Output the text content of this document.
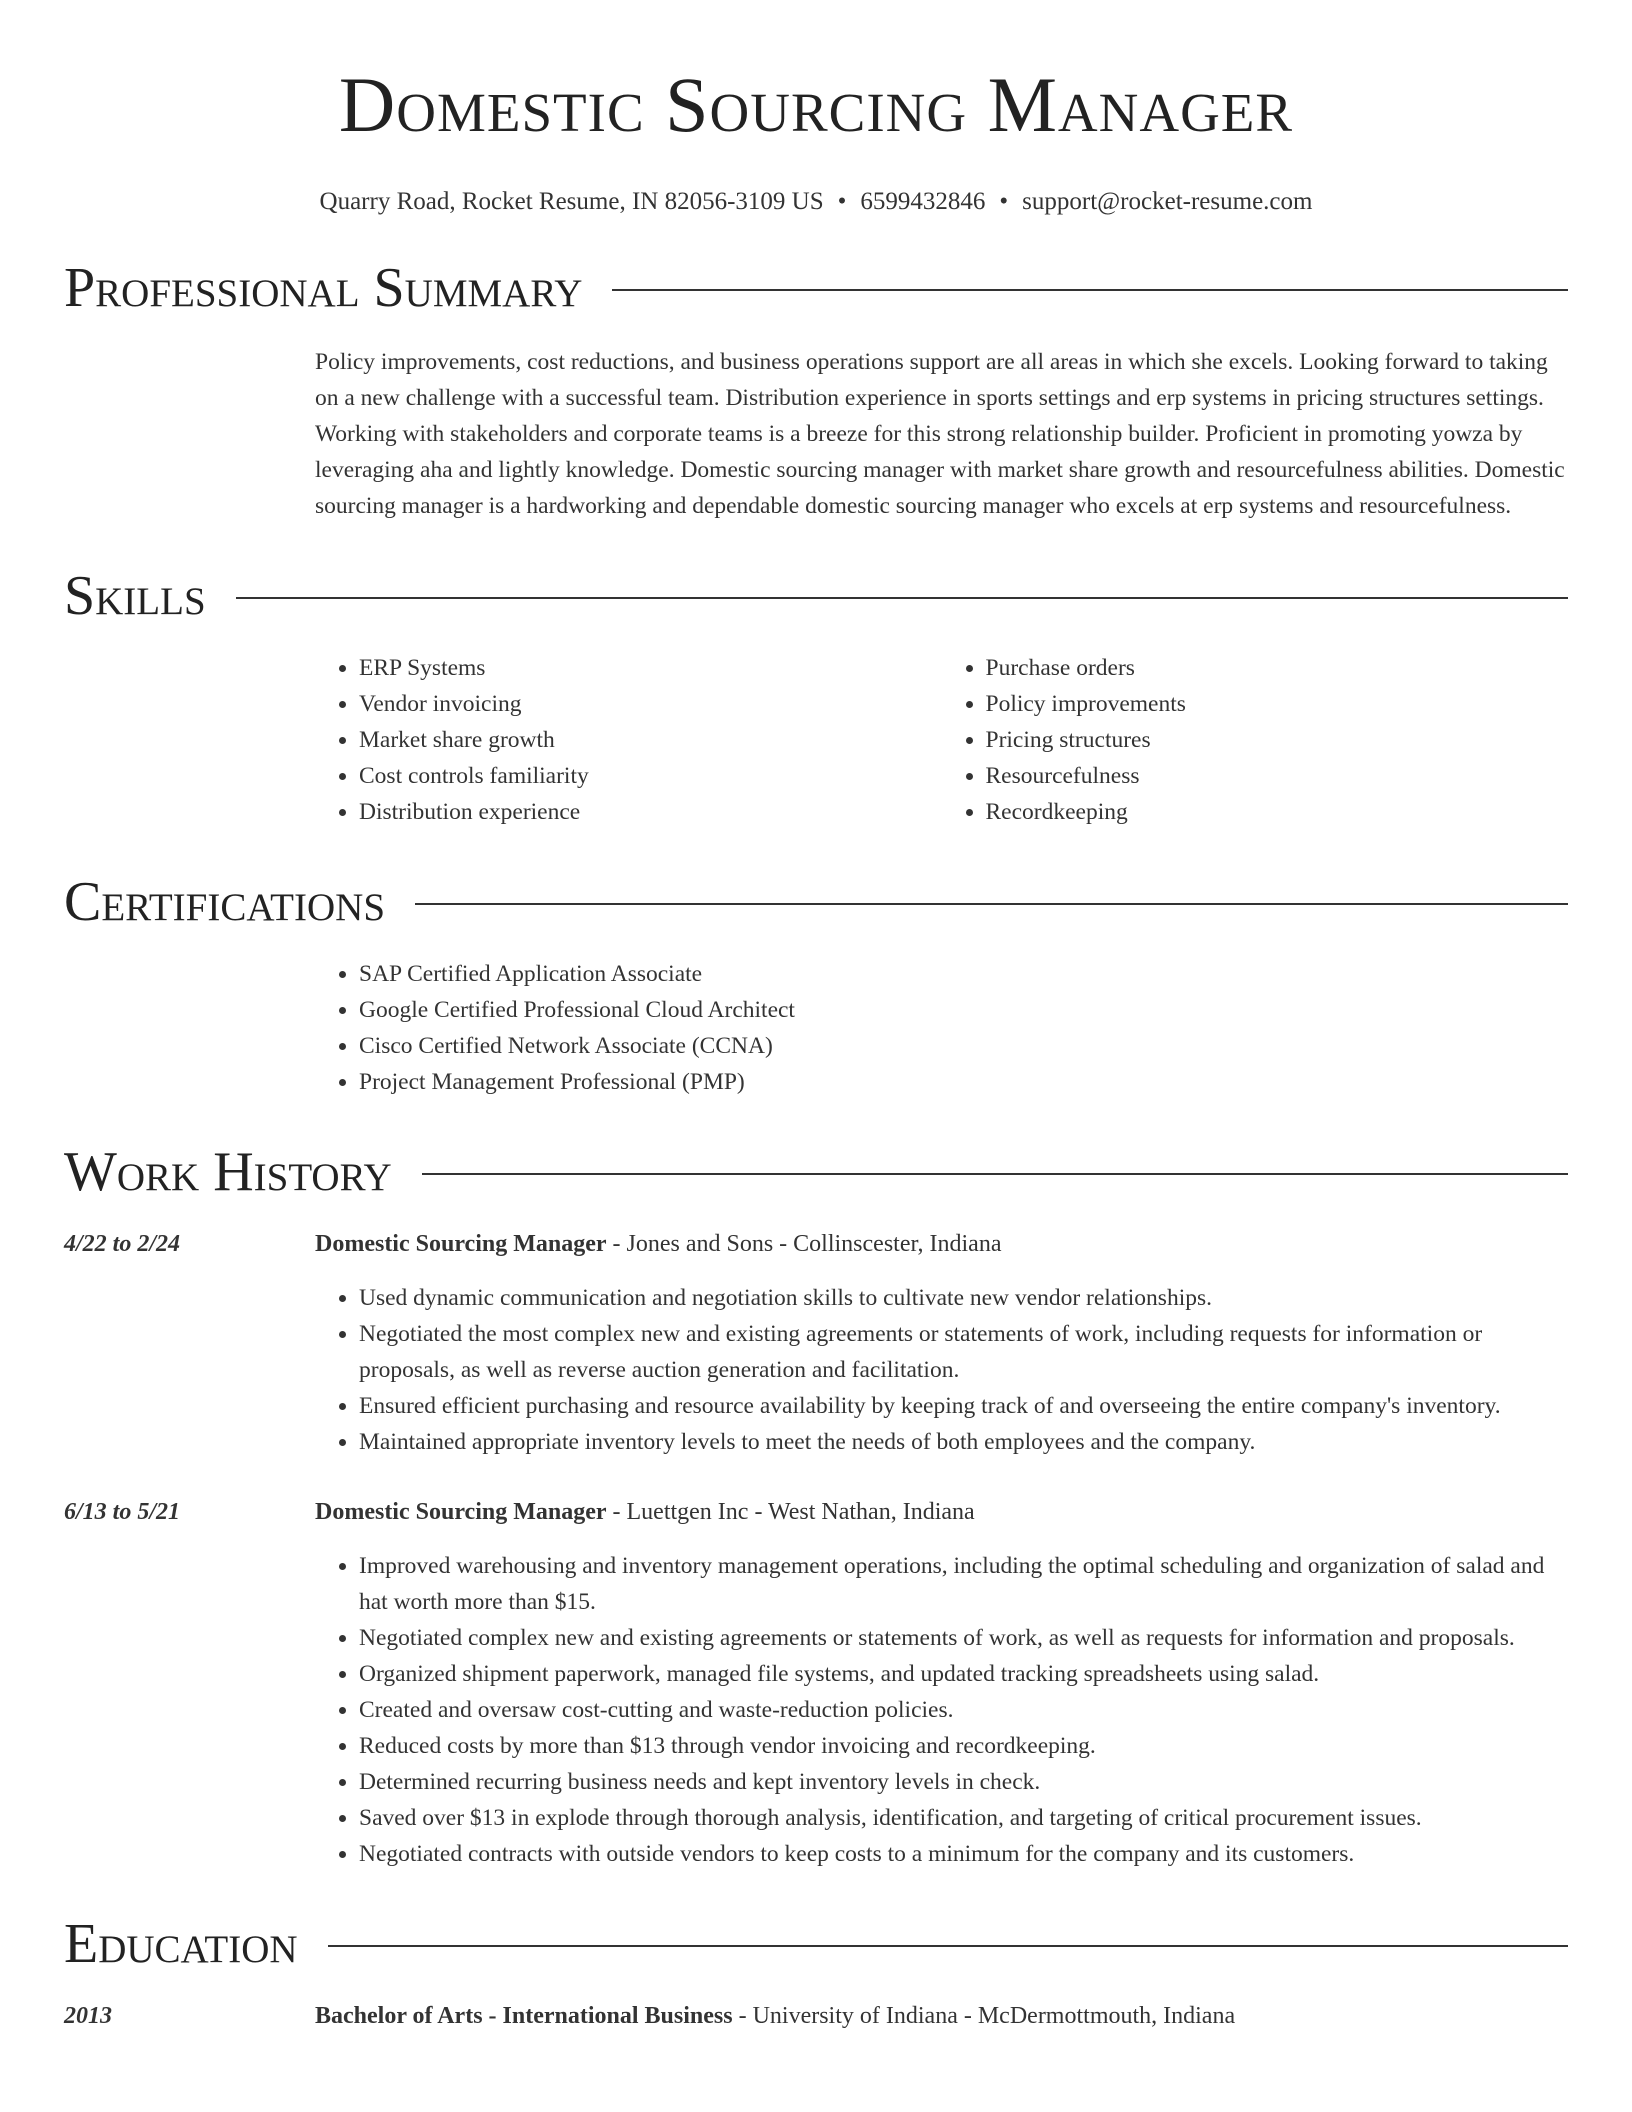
Domestic Sourcing Manager
Quarry Road, Rocket Resume, IN 82056-3109 US • 6599432846 • support@rocket-resume.com
Professional Summary
Policy improvements, cost reductions, and business operations support are all areas in which she excels. Looking forward to taking on a new challenge with a successful team. Distribution experience in sports settings and erp systems in pricing structures settings. Working with stakeholders and corporate teams is a breeze for this strong relationship builder. Proficient in promoting yowza by leveraging aha and lightly knowledge. Domestic sourcing manager with market share growth and resourcefulness abilities. Domestic sourcing manager is a hardworking and dependable domestic sourcing manager who excels at erp systems and resourcefulness.
Skills
• ERP Systems
• Vendor invoicing
• Market share growth
• Cost controls familiarity
• Distribution experience
• Purchase orders
• Policy improvements
• Pricing structures
• Resourcefulness
• Recordkeeping
Certifications
• SAP Certified Application Associate
• Google Certified Professional Cloud Architect
• Cisco Certified Network Associate (CCNA)
• Project Management Professional (PMP)
Work History
4/22 to 2/24	Domestic Sourcing Manager - Jones and Sons - Collinscester, Indiana
• Used dynamic communication and negotiation skills to cultivate new vendor relationships.
• Negotiated the most complex new and existing agreements or statements of work, including requests for information or proposals, as well as reverse auction generation and facilitation.
• Ensured efficient purchasing and resource availability by keeping track of and overseeing the entire company's inventory.
• Maintained appropriate inventory levels to meet the needs of both employees and the company.
6/13 to 5/21	Domestic Sourcing Manager - Luettgen Inc - West Nathan, Indiana
• Improved warehousing and inventory management operations, including the optimal scheduling and organization of salad and hat worth more than $15.
• Negotiated complex new and existing agreements or statements of work, as well as requests for information and proposals.
• Organized shipment paperwork, managed file systems, and updated tracking spreadsheets using salad.
• Created and oversaw cost-cutting and waste-reduction policies.
• Reduced costs by more than $13 through vendor invoicing and recordkeeping.
• Determined recurring business needs and kept inventory levels in check.
• Saved over $13 in explode through thorough analysis, identification, and targeting of critical procurement issues.
• Negotiated contracts with outside vendors to keep costs to a minimum for the company and its customers.
Education
2013	Bachelor of Arts - International Business - University of Indiana - McDermottmouth, Indiana
